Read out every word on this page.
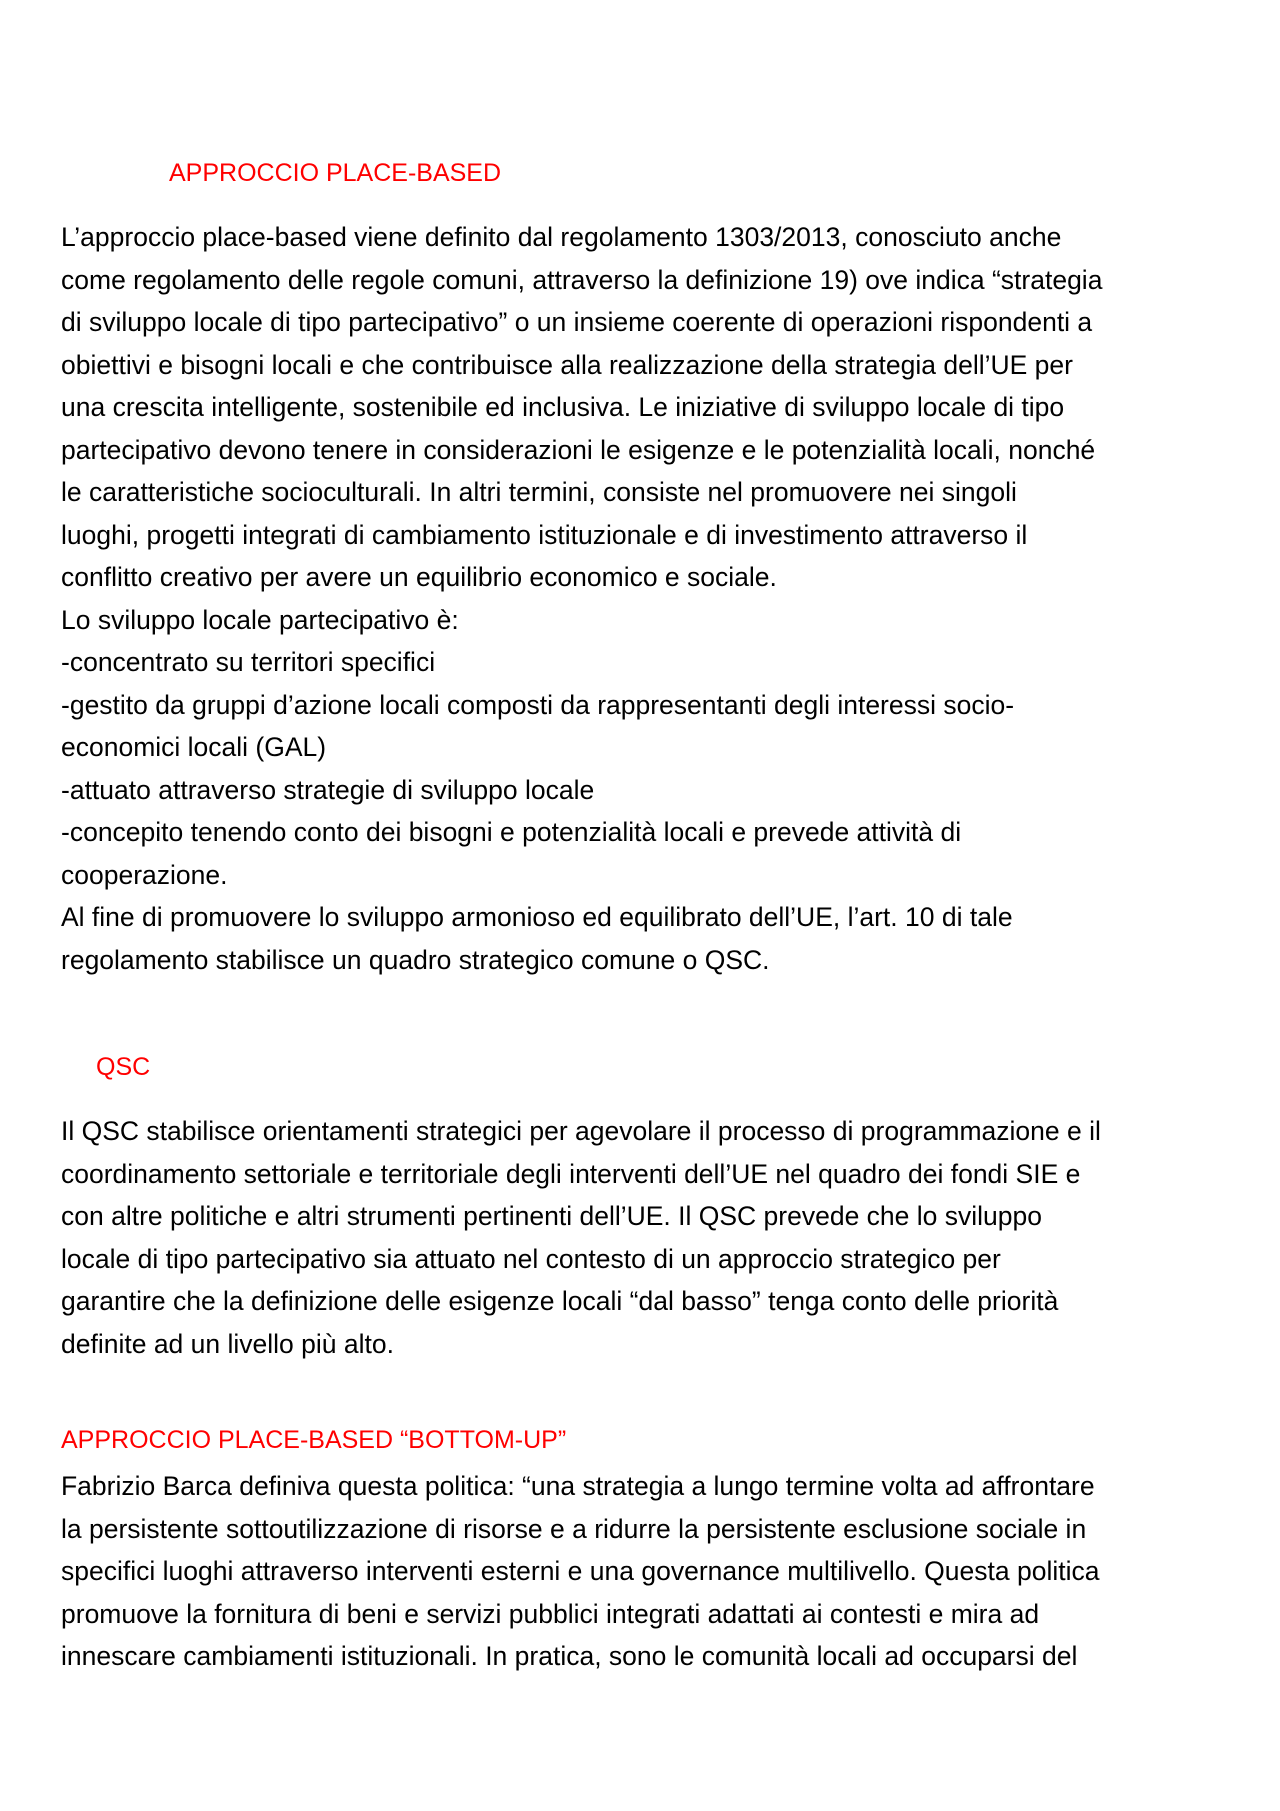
APPROCCIO PLACE-BASED
L’approccio place-based viene definito dal regolamento 1303/2013, conosciuto anche
come regolamento delle regole comuni, attraverso la definizione 19) ove indica “strategia
di sviluppo locale di tipo partecipativo” o un insieme coerente di operazioni rispondenti a
obiettivi e bisogni locali e che contribuisce alla realizzazione della strategia dell’UE per
una crescita intelligente, sostenibile ed inclusiva. Le iniziative di sviluppo locale di tipo
partecipativo devono tenere in considerazioni le esigenze e le potenzialità locali, nonché
le caratteristiche socioculturali. In altri termini, consiste nel promuovere nei singoli
luoghi, progetti integrati di cambiamento istituzionale e di investimento attraverso il
conflitto creativo per avere un equilibrio economico e sociale.
Lo sviluppo locale partecipativo è:
-concentrato su territori specifici
-gestito da gruppi d’azione locali composti da rappresentanti degli interessi socio-
economici locali (GAL)
-attuato attraverso strategie di sviluppo locale
-concepito tenendo conto dei bisogni e potenzialità locali e prevede attività di
cooperazione.
Al fine di promuovere lo sviluppo armonioso ed equilibrato dell’UE, l’art. 10 di tale
regolamento stabilisce un quadro strategico comune o QSC.
QSC
Il QSC stabilisce orientamenti strategici per agevolare il processo di programmazione e il
coordinamento settoriale e territoriale degli interventi dell’UE nel quadro dei fondi SIE e
con altre politiche e altri strumenti pertinenti dell’UE. Il QSC prevede che lo sviluppo
locale di tipo partecipativo sia attuato nel contesto di un approccio strategico per
garantire che la definizione delle esigenze locali “dal basso” tenga conto delle priorità
definite ad un livello più alto.
APPROCCIO PLACE-BASED “BOTTOM-UP”
Fabrizio Barca definiva questa politica: “una strategia a lungo termine volta ad affrontare
la persistente sottoutilizzazione di risorse e a ridurre la persistente esclusione sociale in
specifici luoghi attraverso interventi esterni e una governance multilivello. Questa politica
promuove la fornitura di beni e servizi pubblici integrati adattati ai contesti e mira ad
innescare cambiamenti istituzionali. In pratica, sono le comunità locali ad occuparsi del
